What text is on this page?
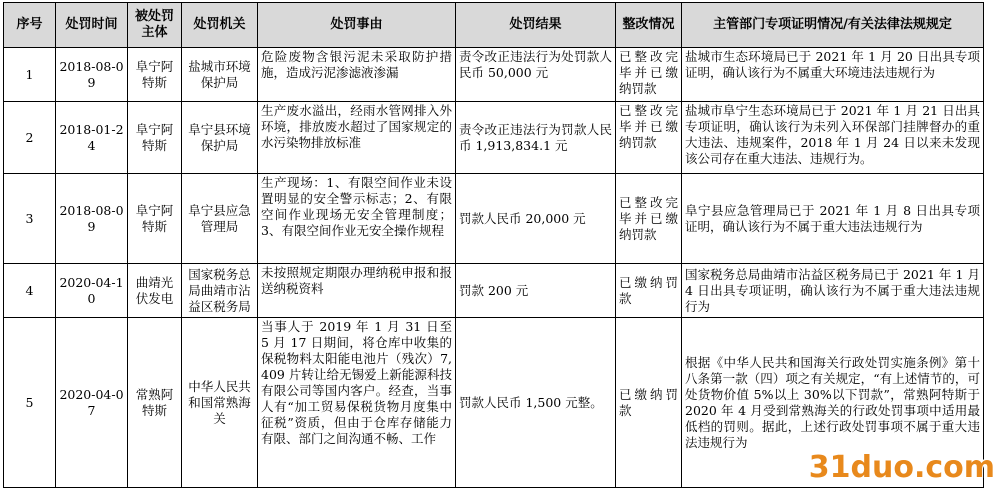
序号	处罚时间	被处罚主体	处罚机关	处罚事由	处罚结果	整改情况	主管部门专项证明情况/有关法律法规规定
1	2018-08-09	阜宁阿特斯	盐城市环境保护局	危险废物含银污泥未采取防护措施，造成污泥渗滤液渗漏	责令改正违法行为处罚款人民币 50,000 元	已整改完毕并已缴纳罚款	盐城市生态环境局已于 2021 年 1 月 20 日出具专项证明，确认该行为不属重大环境违法违规行为
2	2018-01-24	阜宁阿特斯	阜宁县环境保护局	生产废水溢出，经雨水管网排入外环境，排放废水超过了国家规定的水污染物排放标准	责令改正违法行为罚款人民币 1,913,834.1 元	已整改完毕并已缴纳罚款	盐城市阜宁生态环境局已于 2021 年 1 月 21 日出具专项证明，确认该行为未列入环保部门挂牌督办的重大违法、违规案件，2018 年 1 月 24 日以来未发现该公司存在重大违法、违规行为。
3	2018-08-09	阜宁阿特斯	阜宁县应急管理局	生产现场：1、有限空间作业未设置明显的安全警示标志；2、有限空间作业现场无安全管理制度；3、有限空间作业无安全操作规程	罚款人民币 20,000 元	已整改完毕并已缴纳罚款	阜宁县应急管理局已于 2021 年 1 月 8 日出具专项证明，确认该行为不属于重大违法违规行为
4	2020-04-10	曲靖光伏发电	国家税务总局曲靖市沾益区税务局	未按照规定期限办理纳税申报和报送纳税资料	罚款 200 元	已缴纳罚款	国家税务总局曲靖市沾益区税务局已于 2021 年 1 月 4 日出具专项证明，确认该行为不属于重大违法违规行为
5	2020-04-07	常熟阿特斯	中华人民共和国常熟海关	当事人于 2019 年 1 月 31 日至 5 月 17 日期间，将仓库中收集的保税物料太阳能电池片（残次）7,409 片转让给无锡爱上新能源科技有限公司等国内客户。经查，当事人有“加工贸易保税货物月度集中征税”资质，但由于仓库存储能力有限、部门之间沟通不畅、工作	罚款人民币 1,500 元整。	已缴纳罚款	根据《中华人民共和国海关行政处罚实施条例》第十八条第一款（四）项之有关规定，“有上述情节的，可处货物价值 5%以上 30%以下罚款”，常熟阿特斯于 2020 年 4 月受到常熟海关的行政处罚事项中适用最低档的罚则。据此，上述行政处罚事项不属于重大违法违规行为
31duo.com
